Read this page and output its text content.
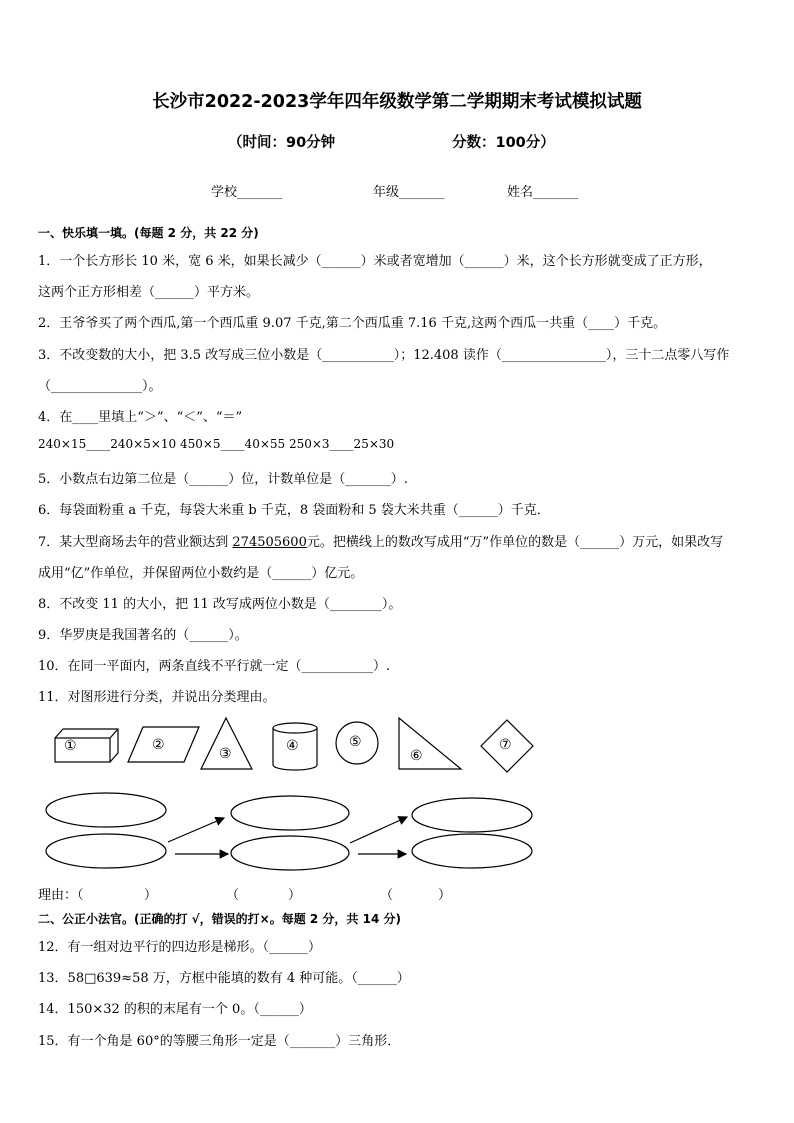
长沙市2022-2023学年四年级数学第二学期期末考试模拟试题
（时间：90分钟	分数：100分）
学校_______	年级_______	姓名_______
一、快乐填一填。(每题 2 分，共 22 分)
1．一个长方形长 10 米，宽 6 米，如果长减少（______）米或者宽增加（______）米，这个长方形就变成了正方形，
这两个正方形相差（______）平方米。
2．王爷爷买了两个西瓜,第一个西瓜重 9.07 千克,第二个西瓜重 7.16 千克,这两个西瓜一共重（____）千克。
3．不改变数的大小，把 3.5 改写成三位小数是（___________）；12.408 读作（________________），三十二点零八写作
（______________）。
4．在____里填上“＞”、“＜”、“＝”
240×15____240×5×10 450×5____40×55 250×3____25×30
5．小数点右边第二位是（______）位，计数单位是（_______）.
6．每袋面粉重 a 千克，每袋大米重 b 千克，8 袋面粉和 5 袋大米共重（______）千克．
7．某大型商场去年的营业额达到 274505600元。把横线上的数改写成用“万”作单位的数是（______）万元，如果改写
成用“亿”作单位，并保留两位小数约是（______）亿元。
8．不改变 11 的大小，把 11 改写成两位小数是（________）。
9．华罗庚是我国著名的（______）。
10．在同一平面内，两条直线不平行就一定（___________）.
11．对图形进行分类，并说出分类理由。
①	②
③	④	⑤
⑥
⑦
理由：（	）	（	）	（	）
二、公正小法官。(正确的打 √，错误的打×。每题 2 分，共 14 分)
12．有一组对边平行的四边形是梯形。（______）
13．58□639≈58 万，方框中能填的数有 4 种可能。（______）
14．150×32 的积的末尾有一个 0。（______）
15．有一个角是 60°的等腰三角形一定是（_______）三角形．
